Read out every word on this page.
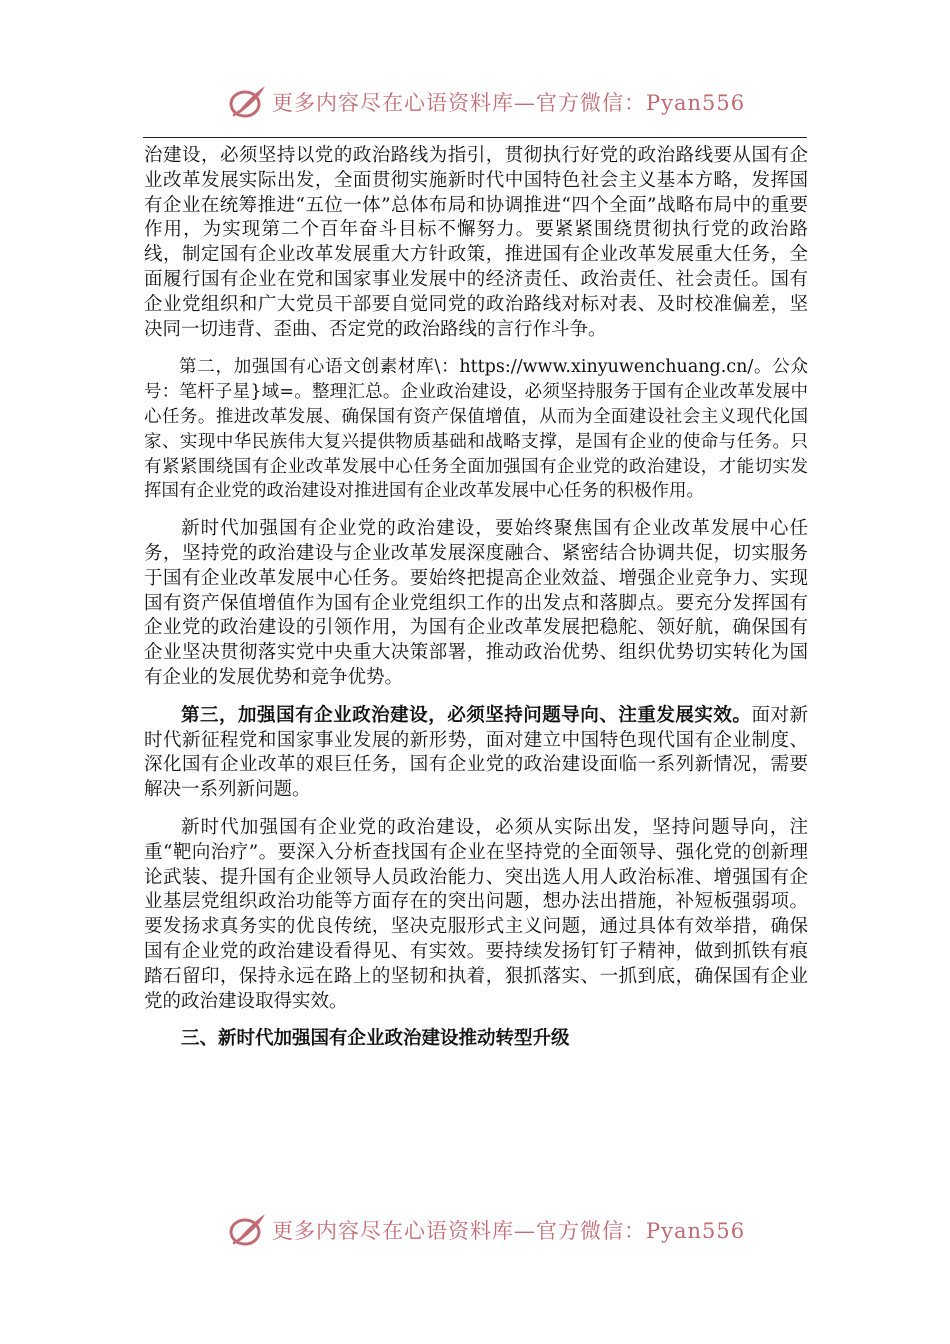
更多内容尽在心语资料库—官方微信：Pyan556

治建设，必须坚持以党的政治路线为指引，贯彻执行好党的政治路线要从国有企业改革发展实际出发，全面贯彻实施新时代中国特色社会主义基本方略，发挥国有企业在统筹推进“五位一体”总体布局和协调推进“四个全面”战略布局中的重要作用，为实现第二个百年奋斗目标不懈努力。要紧紧围绕贯彻执行党的政治路线，制定国有企业改革发展重大方针政策，推进国有企业改革发展重大任务，全面履行国有企业在党和国家事业发展中的经济责任、政治责任、社会责任。国有企业党组织和广大党员干部要自觉同党的政治路线对标对表、及时校准偏差，坚决同一切违背、歪曲、否定党的政治路线的言行作斗争。

第二，加强国有心语文创素材库\：https://www.xinyuwenchuang.cn/。公众号：笔杆子星}域=。整理汇总。企业政治建设，必须坚持服务于国有企业改革发展中心任务。推进改革发展、确保国有资产保值增值，从而为全面建设社会主义现代化国家、实现中华民族伟大复兴提供物质基础和战略支撑，是国有企业的使命与任务。只有紧紧围绕国有企业改革发展中心任务全面加强国有企业党的政治建设，才能切实发挥国有企业党的政治建设对推进国有企业改革发展中心任务的积极作用。

新时代加强国有企业党的政治建设，要始终聚焦国有企业改革发展中心任务，坚持党的政治建设与企业改革发展深度融合、紧密结合协调共促，切实服务于国有企业改革发展中心任务。要始终把提高企业效益、增强企业竞争力、实现国有资产保值增值作为国有企业党组织工作的出发点和落脚点。要充分发挥国有企业党的政治建设的引领作用，为国有企业改革发展把稳舵、领好航，确保国有企业坚决贯彻落实党中央重大决策部署，推动政治优势、组织优势切实转化为国有企业的发展优势和竞争优势。

第三，加强国有企业政治建设，必须坚持问题导向、注重发展实效。面对新时代新征程党和国家事业发展的新形势，面对建立中国特色现代国有企业制度、深化国有企业改革的艰巨任务，国有企业党的政治建设面临一系列新情况，需要解决一系列新问题。

新时代加强国有企业党的政治建设，必须从实际出发，坚持问题导向，注重“靶向治疗”。要深入分析查找国有企业在坚持党的全面领导、强化党的创新理论武装、提升国有企业领导人员政治能力、突出选人用人政治标准、增强国有企业基层党组织政治功能等方面存在的突出问题，想办法出措施，补短板强弱项。要发扬求真务实的优良传统，坚决克服形式主义问题，通过具体有效举措，确保国有企业党的政治建设看得见、有实效。要持续发扬钉钉子精神，做到抓铁有痕踏石留印，保持永远在路上的坚韧和执着，狠抓落实、一抓到底，确保国有企业党的政治建设取得实效。

三、新时代加强国有企业政治建设推动转型升级

更多内容尽在心语资料库—官方微信：Pyan556
